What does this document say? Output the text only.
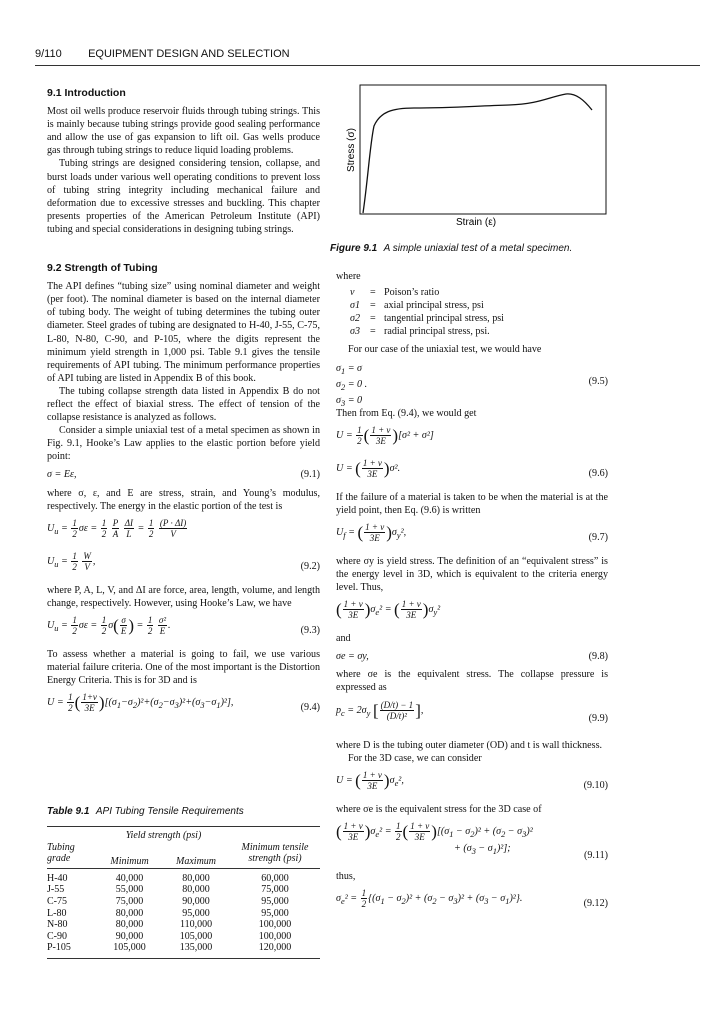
9/110 EQUIPMENT DESIGN AND SELECTION
9.1 Introduction

Most oil wells produce reservoir fluids through tubing strings. This is mainly because tubing strings provide good sealing performance and allow the use of gas expansion to lift oil. Gas wells produce gas through tubing strings to reduce liquid loading problems.

Tubing strings are designed considering tension, collapse, and burst loads under various well operating conditions to prevent loss of tubing string integrity including mechanical failure and deformation due to excessive stresses and buckling. This chapter presents properties of the American Petroleum Institute (API) tubing and special considerations in designing tubing strings.

9.2 Strength of Tubing

The API defines “tubing size” using nominal diameter and weight (per foot). The nominal diameter is based on the internal diameter of tubing body. The weight of tubing determines the tubing outer diameter. Steel grades of tubing are designated to H-40, J-55, C-75, L-80, N-80, C-90, and P-105, where the digits represent the minimum yield strength in 1,000 psi. Table 9.1 gives the tensile requirements of API tubing. The minimum performance properties of API tubing are listed in Appendix B of this book.

The tubing collapse strength data listed in Appendix B do not reflect the effect of biaxial stress. The effect of tension of the collapse resistance is analyzed as follows.

Consider a simple uniaxial test of a metal specimen as shown in Fig. 9.1, Hooke’s Law applies to the elastic portion before yield point:

σ = Eε,	(9.1)

where σ, ε, and E are stress, strain, and Young’s modulus, respectively. The energy in the elastic portion of the test is

$U_u = \frac{1}{2}$ $\sigma\varepsilon = \frac{1}{2}$
$\frac{P}{A}$
$\frac{\Delta I}{L} = \frac{1}{2}$
$\frac{(P \cdot \Delta I)}{V}$
$U_u = \frac{1}{2}$
$\frac{W}{V}$ ,	(9.2)

where P, A, L, V, and ΔI are force, area, length, volume, and length change, respectively. However, using Hooke’s Law, we have

$U_u = \frac{1}{2}$ $\sigma\varepsilon = \frac{1}{2} \sigma( \frac{\sigma}{E}$ ) = $\frac{1}{2}$
$\frac{\text{σ²}}{E}$ .	(9.3)

To assess whether a material is going to fail, we use various material failure criteria. One of the most important is the Distortion Energy Criteria. This is for 3D and is

$U = \frac{1}{2}$ ( $\frac{1+\nu}{3E} )[(\sigma_1-\sigma_2)^2+(\sigma_2-\sigma_3)^2+(\sigma_3-\sigma_1)^2]$,	(9.4)
Stress (σ)
Strain (ε)
Figure 9.1 A simple uniaxial test of a metal specimen.

where

ν = Poison’s ratio
σ1 = axial principal stress, psi
σ2 = tangential principal stress, psi
σ3 = radial principal stress, psi.

For our case of the uniaxial test, we would have

$\sigma_1 = \sigma$
$\sigma_2 = 0$ .
$\sigma_3 = 0$
(9.5)

Then from Eq. (9.4), we would get

$U = \frac{1}{2}$ ( $\frac{1 + \nu}{3E} )[\sigma^2 + \sigma^2]$
U = ( $\frac{1 + \nu}{3E} )\sigma^2$.	(9.6)

If the failure of a material is taken to be when the material is at the yield point, then Eq. (9.6) is written

$U_f$ = ( $\frac{1 + \nu}{3E} )\sigma_y^2$,	(9.7)

where σy is yield stress. The definition of an “equivalent stress” is the energy level in 3D, which is equivalent to the criteria energy level. Thus,

( $\frac{1 + \nu}{3E} )\sigma_e^2$ = ( $\frac{1 + \nu}{3E} )\sigma_y^2$

and

σe = σy,	(9.8)

where σe is the equivalent stress. The collapse pressure is expressed as

$p_c = 2\sigma_y$ [ $\frac{(D/t) - 1}{\text{(D/t)²}}$ ],
(9.9)

where D is the tubing outer diameter (OD) and t is wall thickness.

For the 3D case, we can consider

U = ( $\frac{1 + \nu}{3E} )\sigma_e^2$,	(9.10)

where σe is the equivalent stress for the 3D case of

( $\frac{1 + \nu}{3E} )\sigma_e^2 = \frac{1}{2}$ ( $\frac{1 + \nu}{3E} )[(\sigma_1 - \sigma_2)^2 + (\sigma_2 - \sigma_3)^2$
+ $(\sigma_3 - \sigma_1)^2$];
(9.11)

thus,

$\sigma_e^2 = \frac{1}{2} \{(\sigma_1 - \sigma_2)^2 + (\sigma_2 - \sigma_3)^2 + (\sigma_3 - \sigma_1)^2\}$.	(9.12)
Table 9.1 API Tubing Tensile Requirements
	Yield strength (psi)		
Tubing grade	Minimum	Maximum	Minimum tensile strength (psi)
H-40	40,000	80,000	60,000
J-55	55,000	80,000	75,000
C-75	75,000	90,000	95,000
L-80	80,000	95,000	95,000
N-80	80,000	110,000	100,000
C-90	90,000	105,000	100,000
P-105	105,000	135,000	120,000
